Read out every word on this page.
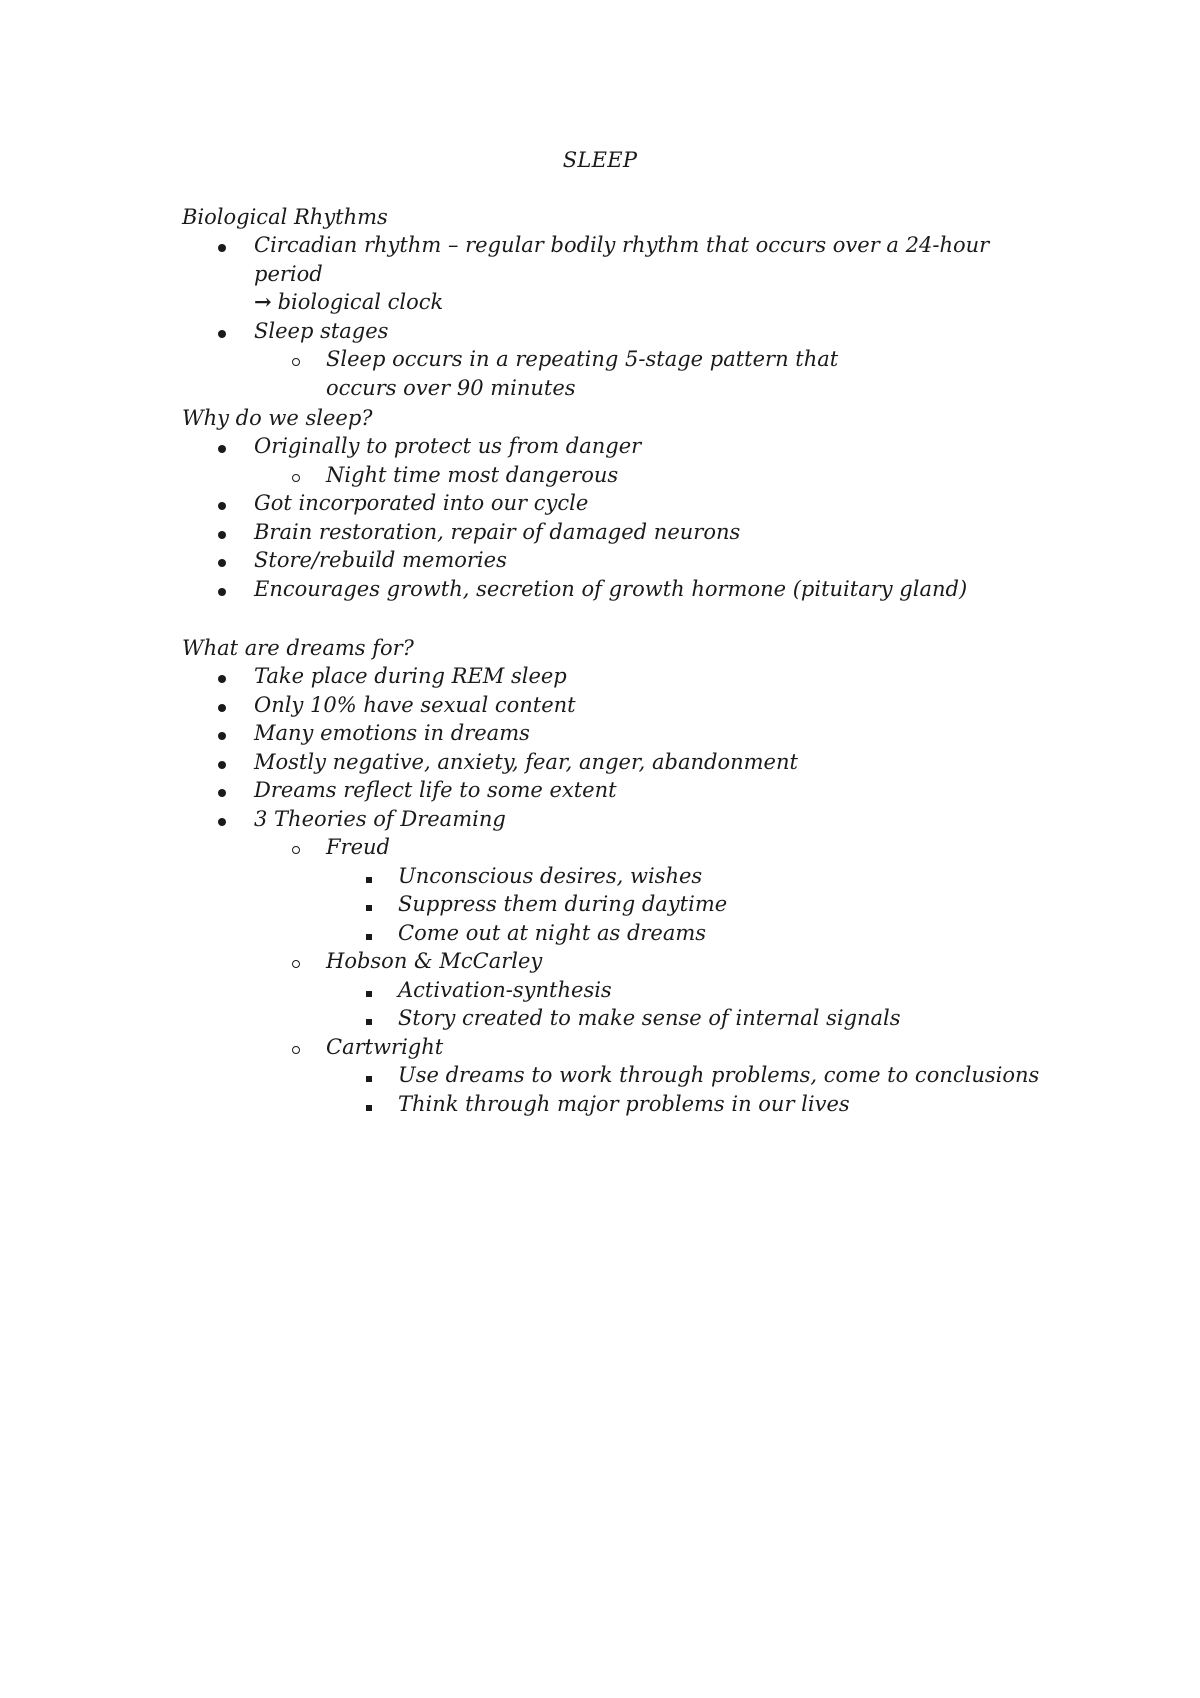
SLEEP
Biological Rhythms
Circadian rhythm – regular bodily rhythm that occurs over a 24-hour period
→ biological clock
Sleep stages
Sleep occurs in a repeating 5-stage pattern that occurs over 90 minutes
Why do we sleep?
Originally to protect us from danger
Night time most dangerous
Got incorporated into our cycle
Brain restoration, repair of damaged neurons
Store/rebuild memories
Encourages growth, secretion of growth hormone (pituitary gland)
What are dreams for?
Take place during REM sleep
Only 10% have sexual content
Many emotions in dreams
Mostly negative, anxiety, fear, anger, abandonment
Dreams reflect life to some extent
3 Theories of Dreaming
Freud
Unconscious desires, wishes
Suppress them during daytime
Come out at night as dreams
Hobson & McCarley
Activation-synthesis
Story created to make sense of internal signals
Cartwright
Use dreams to work through problems, come to conclusions
Think through major problems in our lives
